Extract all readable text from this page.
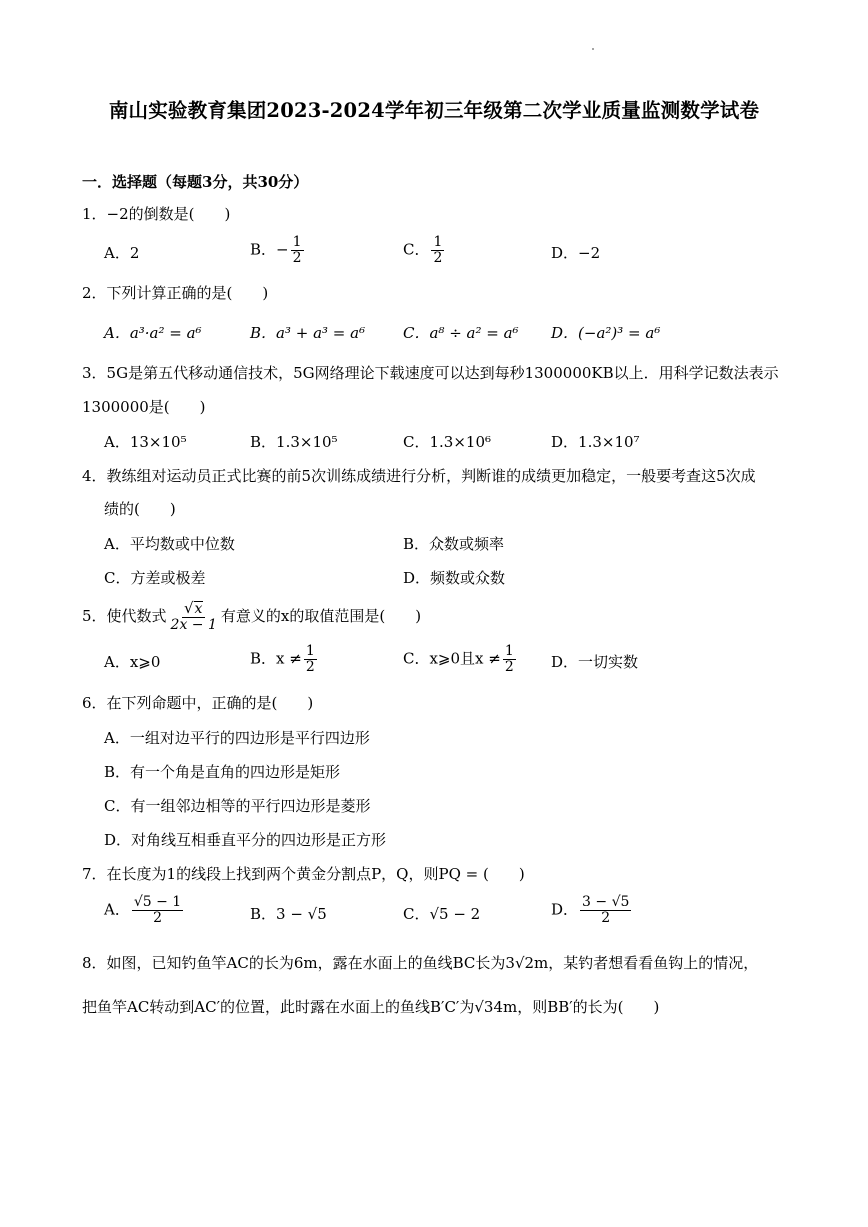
南山实验教育集团2023-2024学年初三年级第二次学业质量监测数学试卷
一．选择题（每题3分，共30分）
1．−2的倒数是(　　)
A．2	B．− $\frac{1}{2}$	C． $\frac{1}{2}$	D．−2
2．下列计算正确的是(　　)
A．a³·a² = a⁶	B．a³ + a³ = a⁶	C．a⁸ ÷ a² = a⁶ D．(−a²)³ = a⁶
3．5G是第五代移动通信技术，5G网络理论下载速度可以达到每秒1300000KB以上．用科学记数法表示
1300000是(　　)
A．13×10⁵	B．1.3×10⁵	C．1.3×10⁶	D．1.3×10⁷
4．教练组对运动员正式比赛的前5次训练成绩进行分析，判断谁的成绩更加稳定，一般要考查这5次成
绩的(　　)
A．平均数或中位数	B．众数或频率
C．方差或极差	D．频数或众数
5．使代数式 $\frac{√ x}{2x - 1}$ 有意义的x的取值范围是(　　)
A．x⩾0	B．$x \ne \frac{1}{2}$	C．x⩾0且$x \ne \frac{1}{2}$ D．一切实数
6．在下列命题中，正确的是(　　)
A．一组对边平行的四边形是平行四边形
B．有一个角是直角的四边形是矩形
C．有一组邻边相等的平行四边形是菱形
D．对角线互相垂直平分的四边形是正方形
7．在长度为1的线段上找到两个黄金分割点P，Q，则PQ = (　　)
A． $\frac{√5 - 1}{2}$	B．3 − √5	C．√5 − 2	D． $\frac{3 - √5}{2}$
8．如图，已知钓鱼竿AC的长为6m，露在水面上的鱼线BC长为3√2m，某钓者想看看鱼钩上的情况，
把鱼竿AC转动到AC′的位置，此时露在水面上的鱼线B′C′为√34m，则BB′的长为(　　)
